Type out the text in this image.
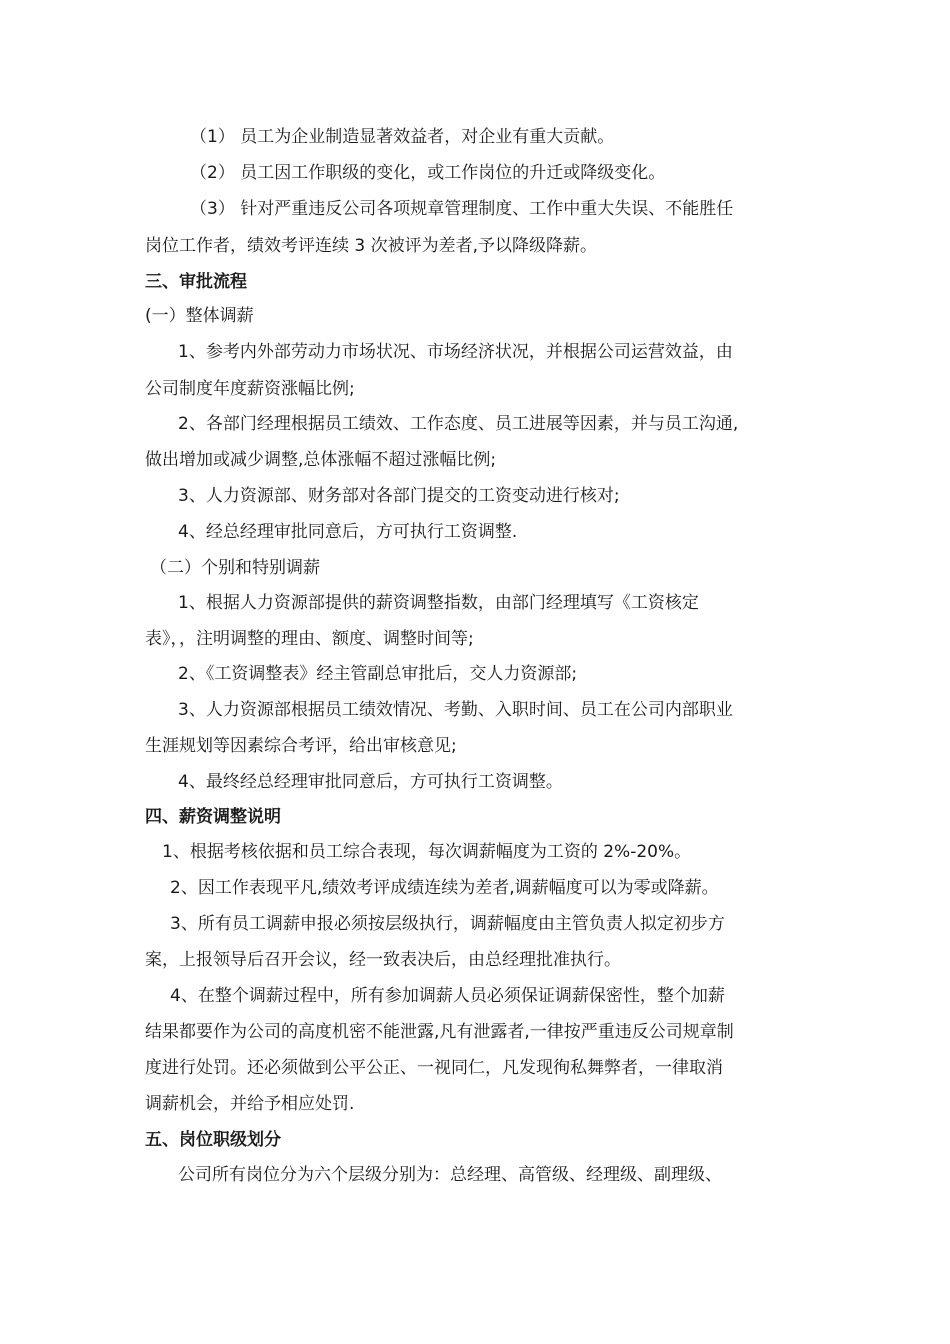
（1） 员工为企业制造显著效益者，对企业有重大贡献。
（2） 员工因工作职级的变化，或工作岗位的升迁或降级变化。
（3） 针对严重违反公司各项规章管理制度、工作中重大失误、不能胜任
岗位工作者，绩效考评连续 3 次被评为差者,予以降级降薪。
三、审批流程
(一）整体调薪
1、参考内外部劳动力市场状况、市场经济状况，并根据公司运营效益，由
公司制度年度薪资涨幅比例;
2、各部门经理根据员工绩效、工作态度、员工进展等因素，并与员工沟通,
做出增加或减少调整,总体涨幅不超过涨幅比例;
3、人力资源部、财务部对各部门提交的工资变动进行核对;
4、经总经理审批同意后，方可执行工资调整.
（二）个别和特别调薪
1、根据人力资源部提供的薪资调整指数，由部门经理填写《工资核定
表》，，注明调整的理由、额度、调整时间等;
2、《工资调整表》经主管副总审批后，交人力资源部;
3、人力资源部根据员工绩效情况、考勤、入职时间、员工在公司内部职业
生涯规划等因素综合考评，给出审核意见;
4、最终经总经理审批同意后，方可执行工资调整。
四、薪资调整说明
1、根据考核依据和员工综合表现，每次调薪幅度为工资的 2%-20%。
2、因工作表现平凡,绩效考评成绩连续为差者,调薪幅度可以为零或降薪。
3、所有员工调薪申报必须按层级执行，调薪幅度由主管负责人拟定初步方
案，上报领导后召开会议，经一致表决后，由总经理批准执行。
4、在整个调薪过程中，所有参加调薪人员必须保证调薪保密性，整个加薪
结果都要作为公司的高度机密不能泄露,凡有泄露者,一律按严重违反公司规章制
度进行处罚。还必须做到公平公正、一视同仁，凡发现徇私舞弊者，一律取消
调薪机会，并给予相应处罚.
五、岗位职级划分
公司所有岗位分为六个层级分别为：总经理、高管级、经理级、副理级、
